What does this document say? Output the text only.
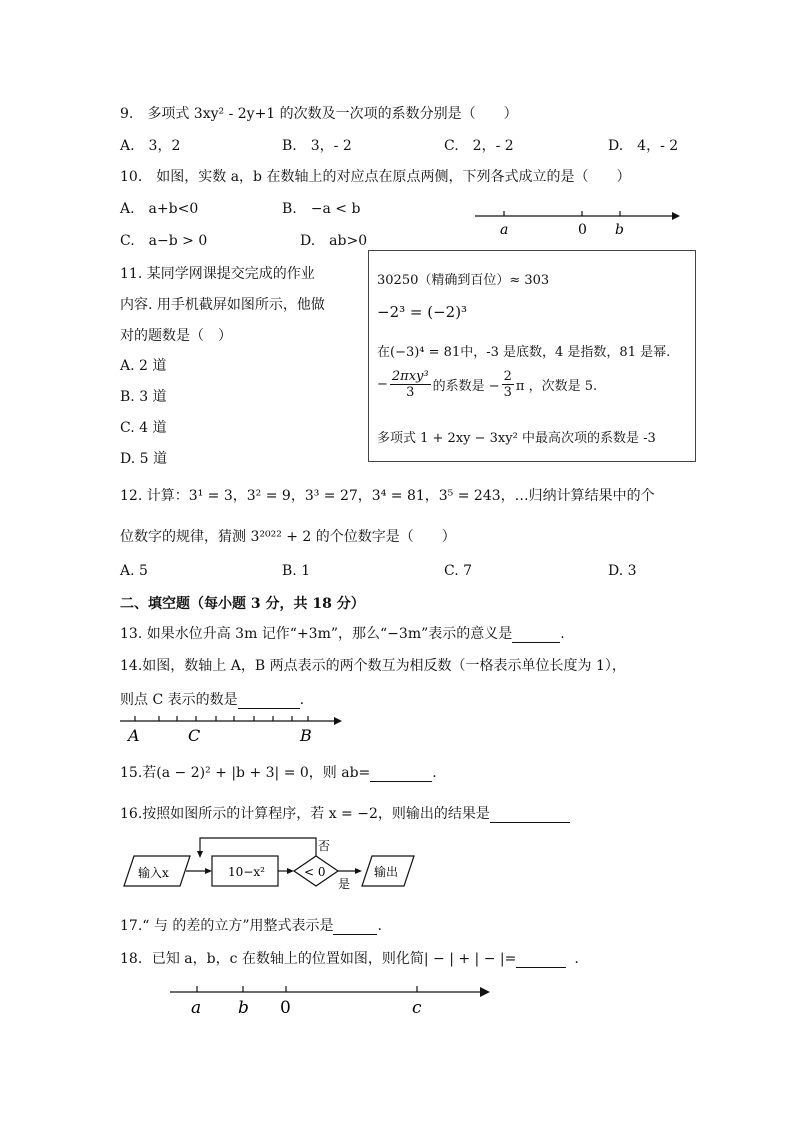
9.　多项式 3xy² - 2y+1 的次数及一次项的系数分别是（　　）
A.　3，2	B.　3，- 2	C.　2，- 2	D.　4，- 2
10.　如图，实数 a，b 在数轴上的对应点在原点两侧，下列各式成立的是（　　）
A.　a+b<0	B.　−a < b
C.　a−b > 0	D.　ab>0
a	0 b
11. 某同学网课提交完成的作业
内容. 用手机截屏如图所示，他做
对的题数是（　）
A. 2 道
B. 3 道
C. 4 道
D. 5 道
30250（精确到百位）≈ 303
−2³ = (−2)³
在(−3)⁴ = 81中，-3 是底数，4 是指数，81 是幂.
− $\frac{\text{2πxy³}}{3}$ 的系数是 − $\frac{2}{3}$ π ，次数是 5.
多项式 1 + 2xy − 3xy² 中最高次项的系数是 -3
12. 计算：3¹ = 3，3² = 9，3³ = 27，3⁴ = 81，3⁵ = 243，…归纳计算结果中的个
位数字的规律，猜测 3²⁰²² + 2 的个位数字是（　　）
A. 5	B. 1	C. 7	D. 3
二、填空题（每小题 3 分，共 18 分）
13. 如果水位升高 3m 记作“+3m”，那么“−3m”表示的意义是	.
14.如图，数轴上 A，B 两点表示的两个数互为相反数（一格表示单位长度为 1），
则点 C 表示的数是	.
A	C	B
15.若(a − 2)² + |b + 3| = 0，则 ab=	.
16.按照如图所示的计算程序，若 x = −2，则输出的结果是
输入x	10−x²	< 0
否
是
输出
17.“ 与 的差的立方”用整式表示是	.
18．已知 a，b，c 在数轴上的位置如图，则化简| − | + | − |=	.
a b 0	c
